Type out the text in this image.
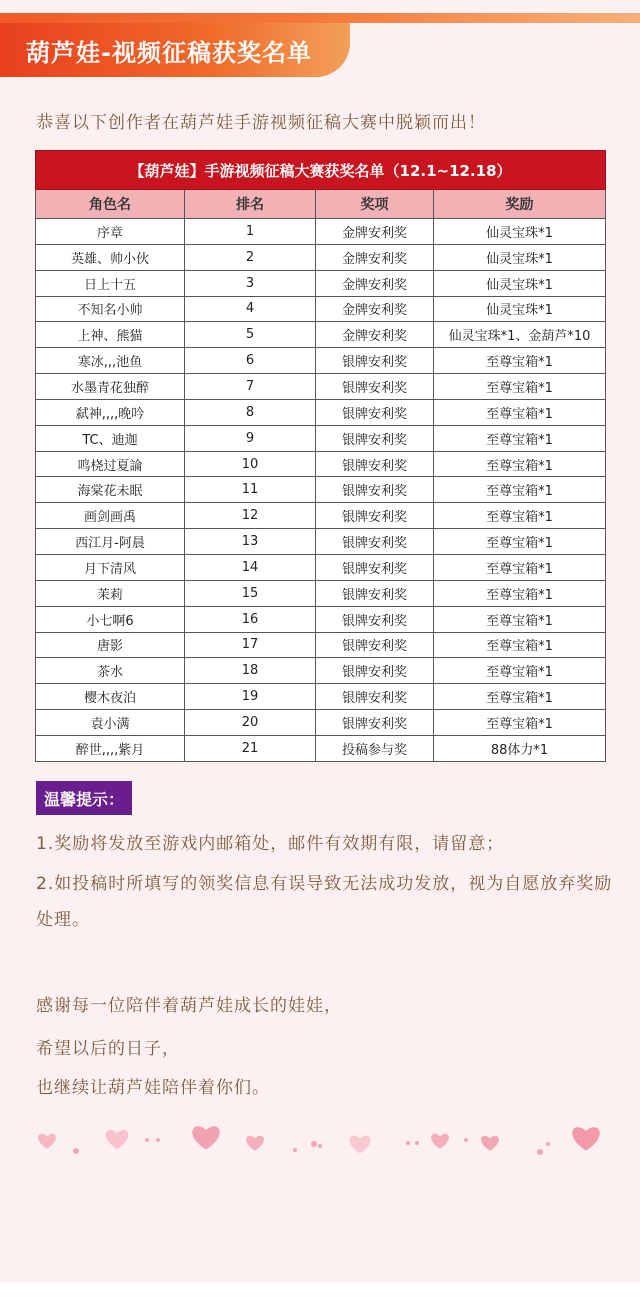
葫芦娃-视频征稿获奖名单
恭喜以下创作者在葫芦娃手游视频征稿大赛中脱颖而出！
【葫芦娃】手游视频征稿大赛获奖名单（12.1~12.18）			
角色名	排名	奖项	奖励
序章	1	金牌安利奖	仙灵宝珠*1
英雄、帅小伙	2	金牌安利奖	仙灵宝珠*1
日上十五	3	金牌安利奖	仙灵宝珠*1
不知名小帅	4	金牌安利奖	仙灵宝珠*1
上神、熊猫	5	金牌安利奖	仙灵宝珠*1、金葫芦*10
寒冰,,,池鱼	6	银牌安利奖	至尊宝箱*1
水墨青花独醉	7	银牌安利奖	至尊宝箱*1
弑神,,,,晚吟	8	银牌安利奖	至尊宝箱*1
TC、迪迦	9	银牌安利奖	至尊宝箱*1
鸣桡过夏論	10	银牌安利奖	至尊宝箱*1
海棠花未眠	11	银牌安利奖	至尊宝箱*1
画剑画禹	12	银牌安利奖	至尊宝箱*1
西江月-阿晨	13	银牌安利奖	至尊宝箱*1
月下清风	14	银牌安利奖	至尊宝箱*1
茉莉	15	银牌安利奖	至尊宝箱*1
小七啊6	16	银牌安利奖	至尊宝箱*1
唐影	17	银牌安利奖	至尊宝箱*1
茶水	18	银牌安利奖	至尊宝箱*1
樱木夜泊	19	银牌安利奖	至尊宝箱*1
袁小满	20	银牌安利奖	至尊宝箱*1
醉世,,,,紫月	21	投稿参与奖	88体力*1
温馨提示：
1.奖励将发放至游戏内邮箱处，邮件有效期有限，请留意；
2.如投稿时所填写的领奖信息有误导致无法成功发放，视为自愿放弃奖励处理。
感谢每一位陪伴着葫芦娃成长的娃娃，
希望以后的日子，
也继续让葫芦娃陪伴着你们。
